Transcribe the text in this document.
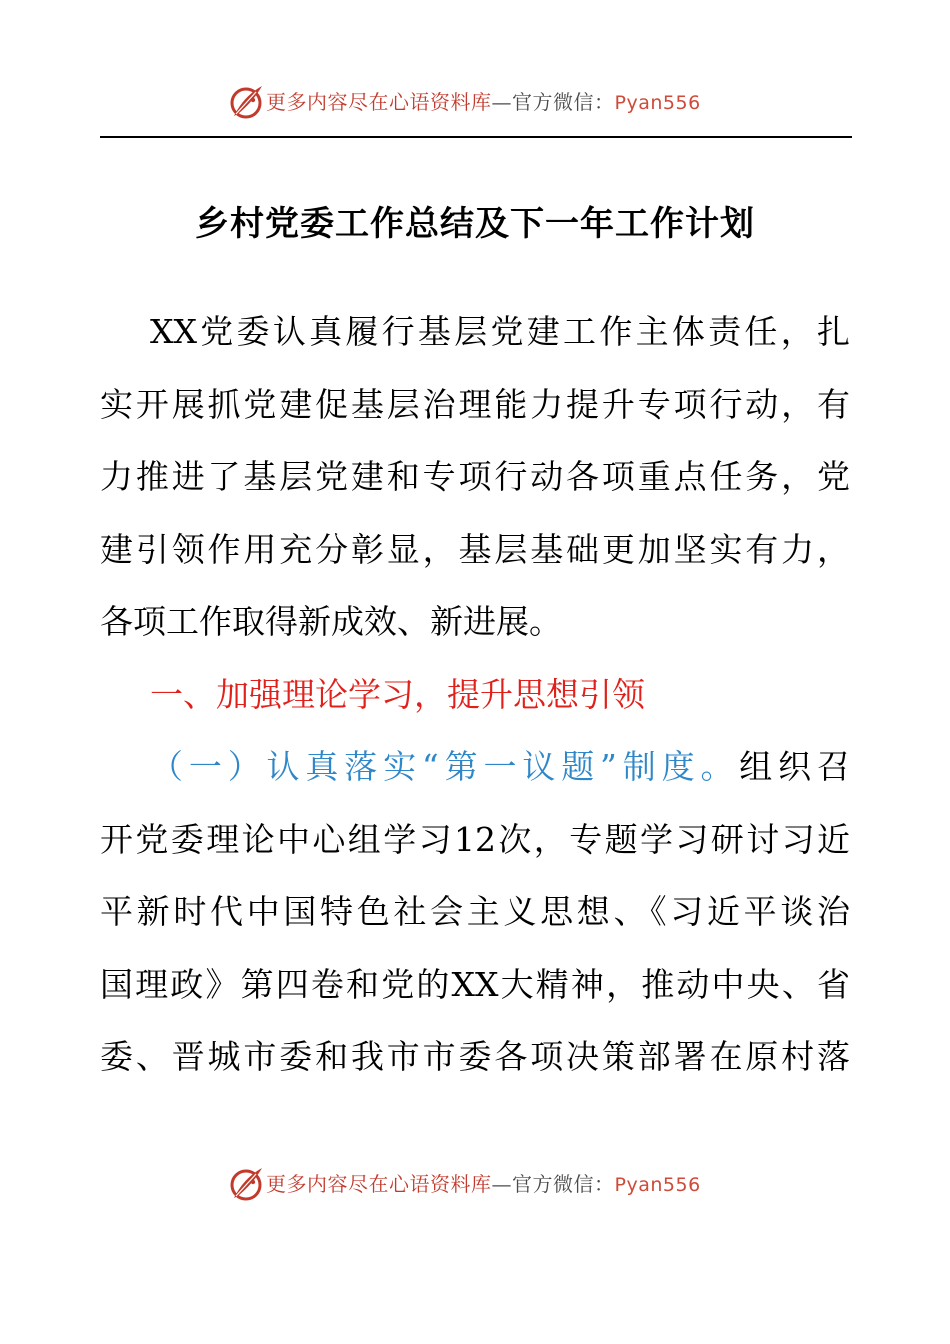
更多内容尽在心语资料库—官方微信：Pyan556
乡村党委工作总结及下一年工作计划
XX党委认真履行基层党建工作主体责任，扎
实开展抓党建促基层治理能力提升专项行动，有
力推进了基层党建和专项行动各项重点任务，党
建引领作用充分彰显，基层基础更加坚实有力，
各项工作取得新成效、新进展。
一、加强理论学习，提升思想引领
（一）认真落实“第一议题”制度。组织召
开党委理论中心组学习12次，专题学习研讨习近
平新时代中国特色社会主义思想、《习近平谈治
国理政》第四卷和党的XX大精神，推动中央、省
委、晋城市委和我市市委各项决策部署在原村落
更多内容尽在心语资料库—官方微信：Pyan556
